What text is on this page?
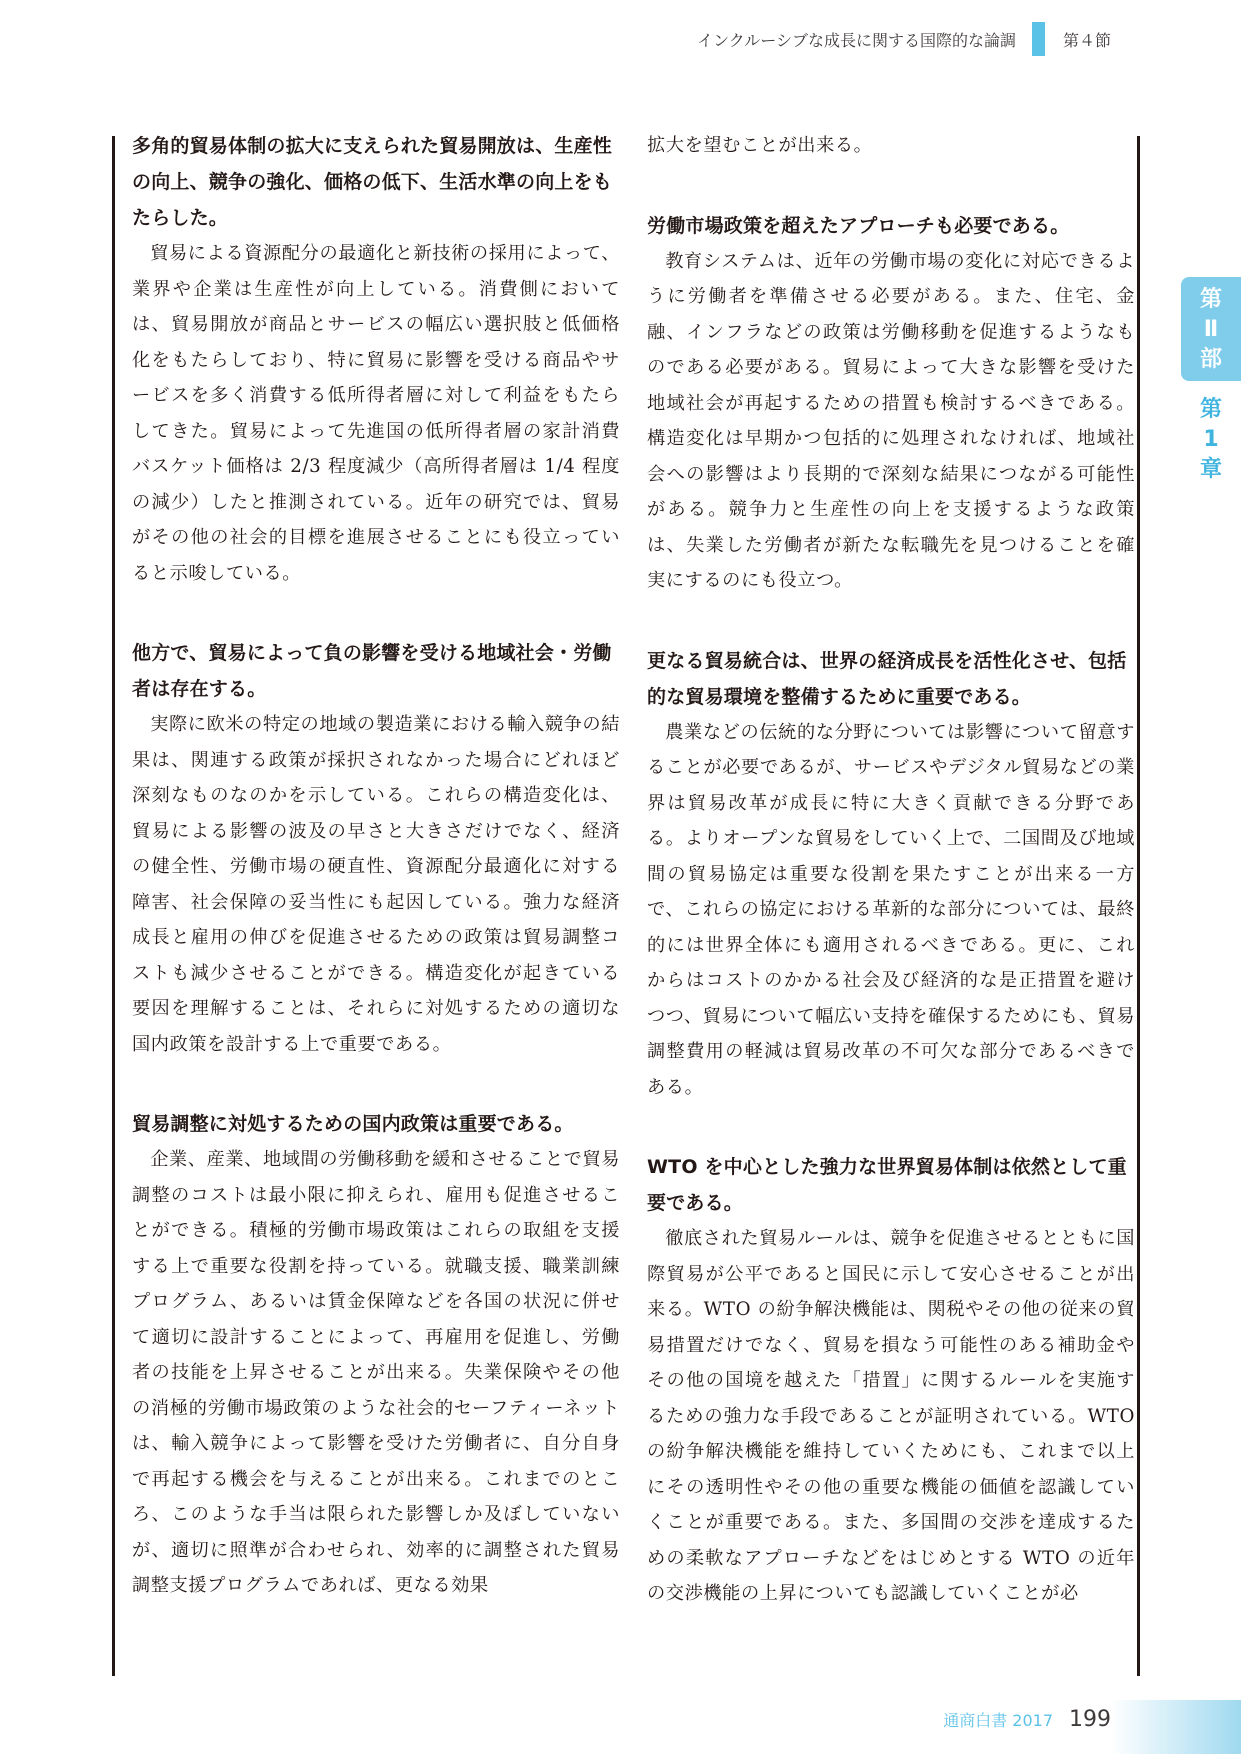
インクルーシブな成長に関する国際的な論調	第４節
第
Ⅱ
部
第
1
章
多角的貿易体制の拡大に支えられた貿易開放は、生産性の向上、競争の強化、価格の低下、生活水準の向上をもたらした。

貿易による資源配分の最適化と新技術の採用によって、業界や企業は生産性が向上している。消費側においては、貿易開放が商品とサービスの幅広い選択肢と低価格化をもたらしており、特に貿易に影響を受ける商品やサービスを多く消費する低所得者層に対して利益をもたらしてきた。貿易によって先進国の低所得者層の家計消費バスケット価格は 2/3 程度減少（高所得者層は 1/4 程度の減少）したと推測されている。近年の研究では、貿易がその他の社会的目標を進展させることにも役立っていると示唆している。

他方で、貿易によって負の影響を受ける地域社会・労働者は存在する。

実際に欧米の特定の地域の製造業における輸入競争の結果は、関連する政策が採択されなかった場合にどれほど深刻なものなのかを示している。これらの構造変化は、貿易による影響の波及の早さと大きさだけでなく、経済の健全性、労働市場の硬直性、資源配分最適化に対する障害、社会保障の妥当性にも起因している。強力な経済成長と雇用の伸びを促進させるための政策は貿易調整コストも減少させることができる。構造変化が起きている要因を理解することは、それらに対処するための適切な国内政策を設計する上で重要である。

貿易調整に対処するための国内政策は重要である。

企業、産業、地域間の労働移動を緩和させることで貿易調整のコストは最小限に抑えられ、雇用も促進させることができる。積極的労働市場政策はこれらの取組を支援する上で重要な役割を持っている。就職支援、職業訓練プログラム、あるいは賃金保障などを各国の状況に併せて適切に設計することによって、再雇用を促進し、労働者の技能を上昇させることが出来る。失業保険やその他の消極的労働市場政策のような社会的セーフティーネットは、輸入競争によって影響を受けた労働者に、自分自身で再起する機会を与えることが出来る。これまでのところ、このような手当は限られた影響しか及ぼしていないが、適切に照準が合わせられ、効率的に調整された貿易調整支援プログラムであれば、更なる効果

拡大を望むことが出来る。

労働市場政策を超えたアプローチも必要である。

教育システムは、近年の労働市場の変化に対応できるように労働者を準備させる必要がある。また、住宅、金融、インフラなどの政策は労働移動を促進するようなものである必要がある。貿易によって大きな影響を受けた地域社会が再起するための措置も検討するべきである。構造変化は早期かつ包括的に処理されなければ、地域社会への影響はより長期的で深刻な結果につながる可能性がある。競争力と生産性の向上を支援するような政策は、失業した労働者が新たな転職先を見つけることを確実にするのにも役立つ。

更なる貿易統合は、世界の経済成長を活性化させ、包括的な貿易環境を整備するために重要である。

農業などの伝統的な分野については影響について留意することが必要であるが、サービスやデジタル貿易などの業界は貿易改革が成長に特に大きく貢献できる分野である。よりオープンな貿易をしていく上で、二国間及び地域間の貿易協定は重要な役割を果たすことが出来る一方で、これらの協定における革新的な部分については、最終的には世界全体にも適用されるべきである。更に、これからはコストのかかる社会及び経済的な是正措置を避けつつ、貿易について幅広い支持を確保するためにも、貿易調整費用の軽減は貿易改革の不可欠な部分であるべきである。

WTO を中心とした強力な世界貿易体制は依然として重要である。

徹底された貿易ルールは、競争を促進させるとともに国際貿易が公平であると国民に示して安心させることが出来る。WTO の紛争解決機能は、関税やその他の従来の貿易措置だけでなく、貿易を損なう可能性のある補助金やその他の国境を越えた「措置」に関するルールを実施するための強力な手段であることが証明されている。WTO の紛争解決機能を維持していくためにも、これまで以上にその透明性やその他の重要な機能の価値を認識していくことが重要である。また、多国間の交渉を達成するための柔軟なアプローチなどをはじめとする WTO の近年の交渉機能の上昇についても認識していくことが必

通商白書 2017 199
